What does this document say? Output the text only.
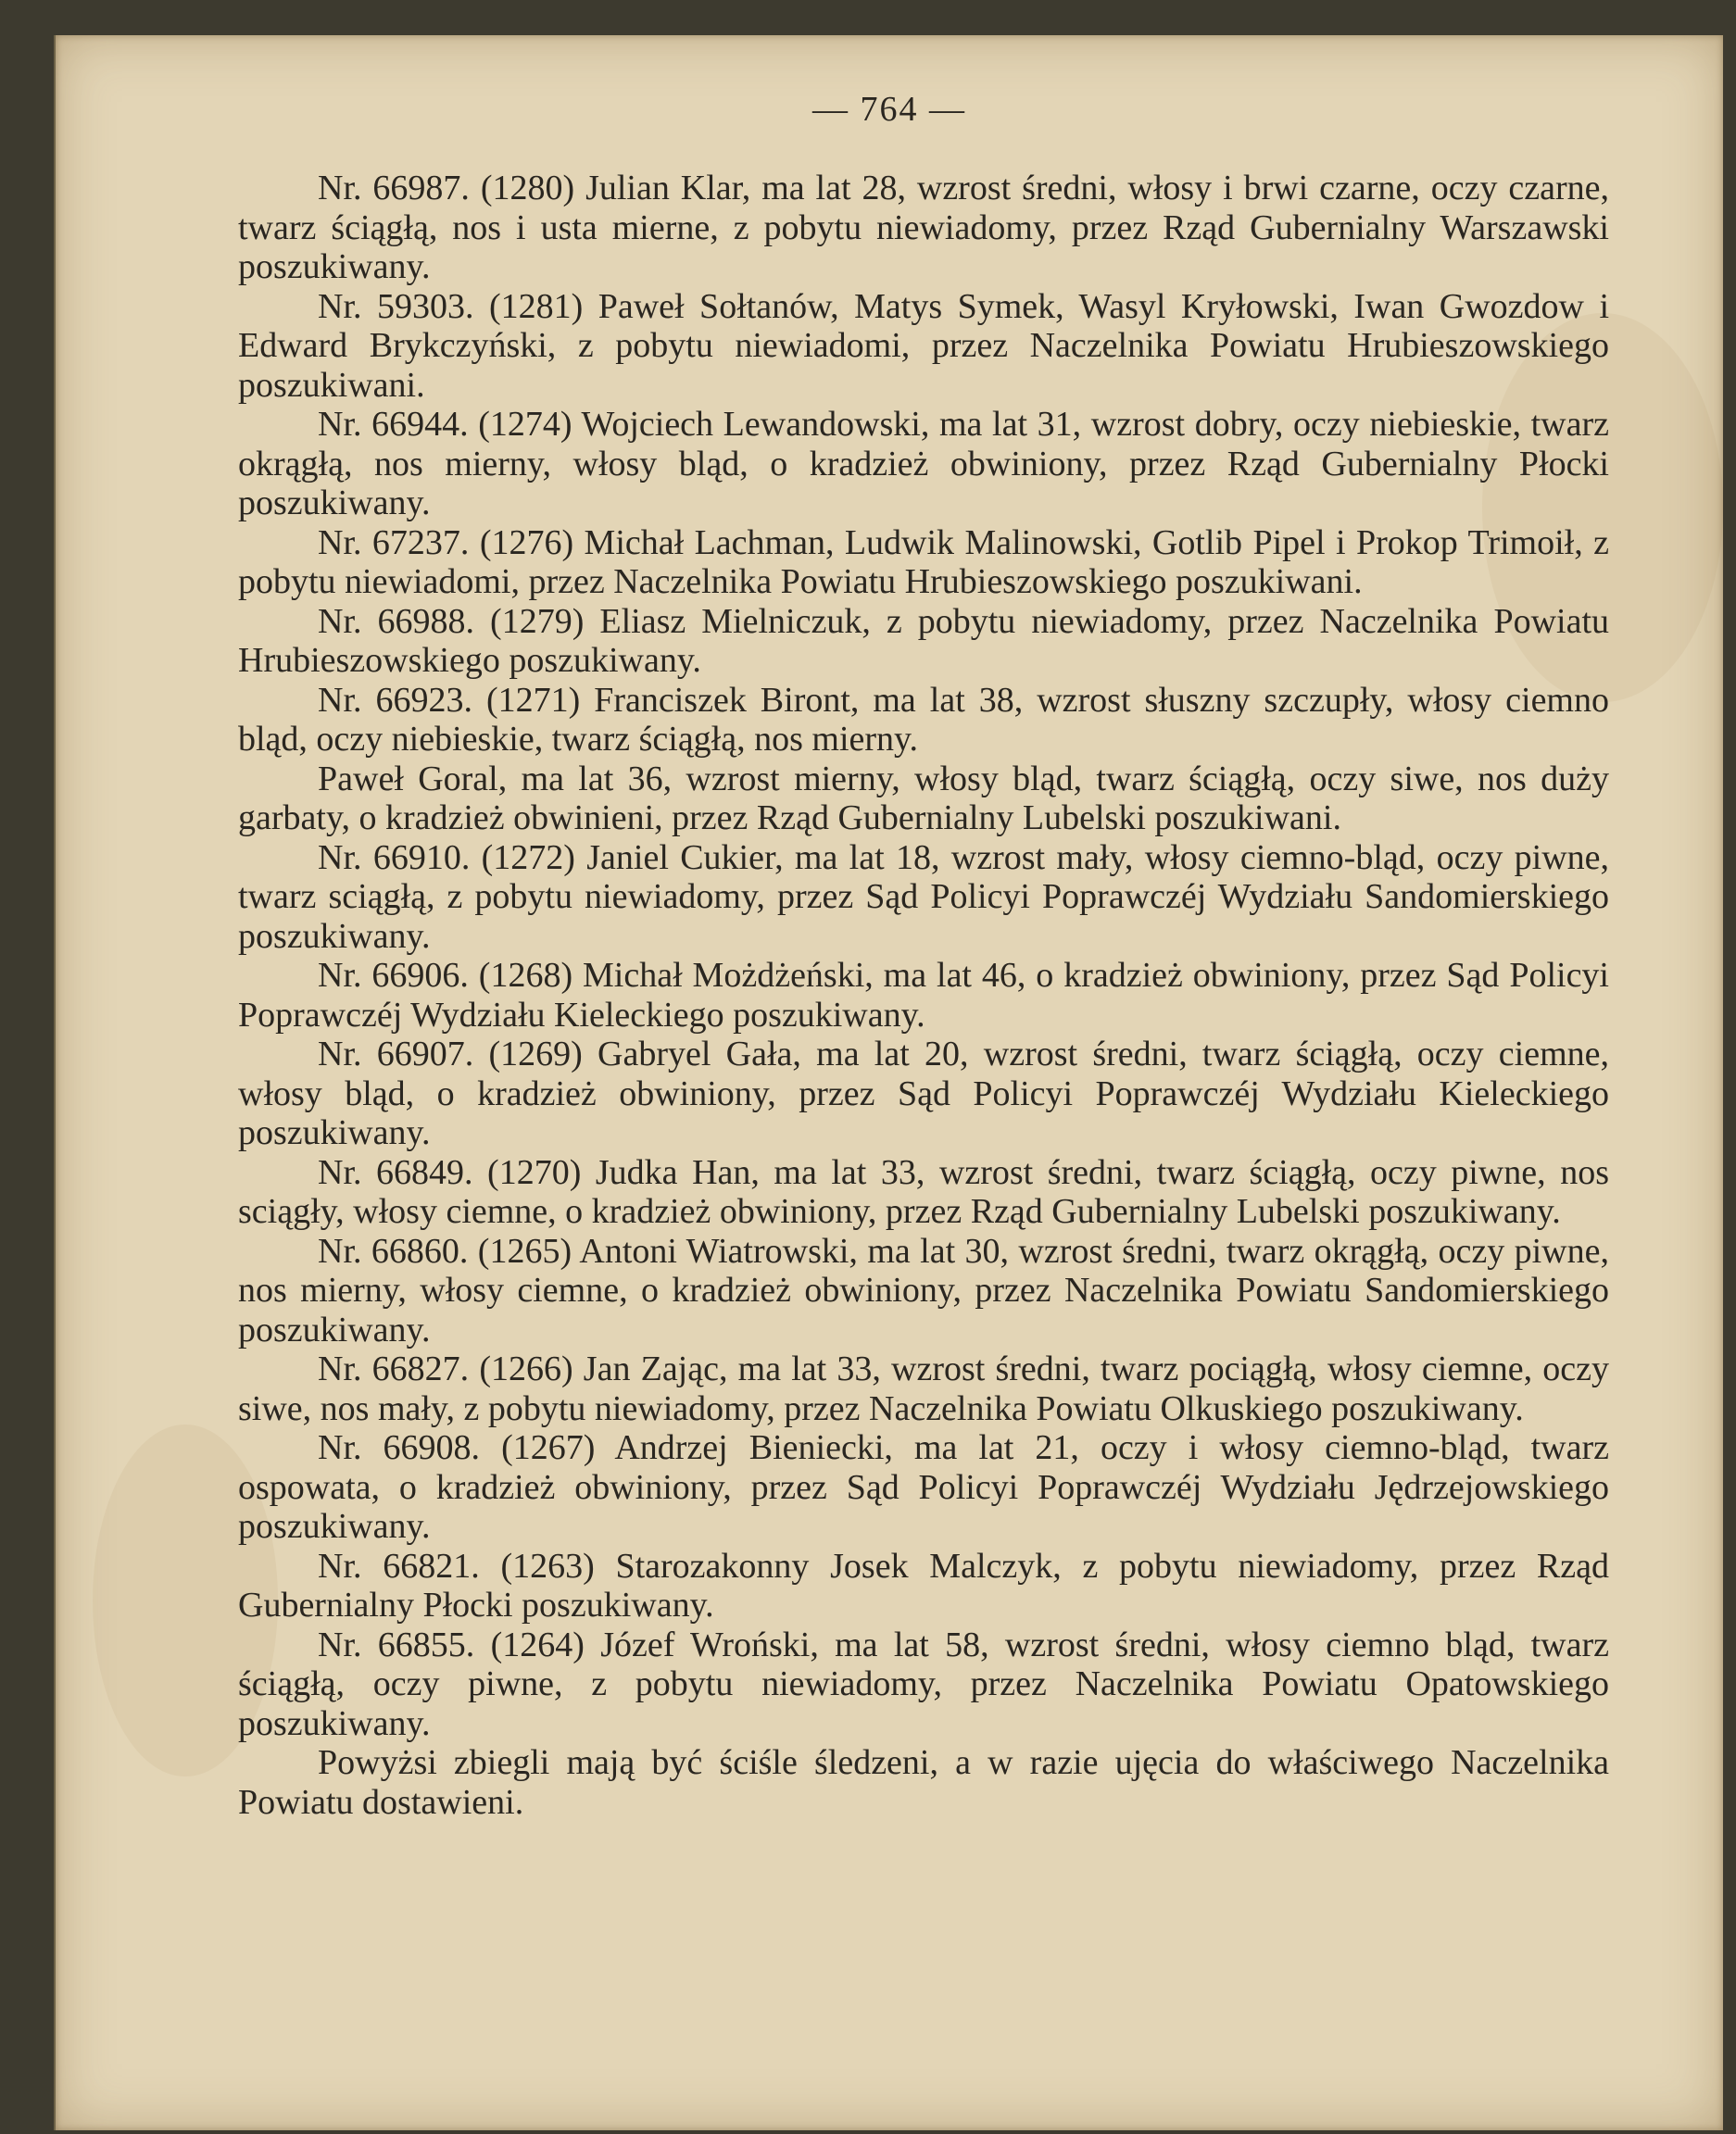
— 764 —

Nr. 66987. (1280) Julian Klar, ma lat 28, wzrost średni, włosy i brwi czarne, oczy czarne, twarz ściągłą, nos i usta mierne, z pobytu niewiadomy, przez Rząd Gubernialny Warszawski poszukiwany.

Nr. 59303. (1281) Paweł Sołtanów, Matys Symek, Wasyl Kryłowski, Iwan Gwozdow i Edward Brykczyński, z pobytu niewiadomi, przez Naczelnika Powiatu Hrubieszowskiego poszukiwani.

Nr. 66944. (1274) Wojciech Lewandowski, ma lat 31, wzrost dobry, oczy niebieskie, twarz okrągłą, nos mierny, włosy bląd, o kradzież obwiniony, przez Rząd Gubernialny Płocki poszukiwany.

Nr. 67237. (1276) Michał Lachman, Ludwik Malinowski, Gotlib Pipel i Prokop Trimoił, z pobytu niewiadomi, przez Naczelnika Powiatu Hrubieszowskiego poszukiwani.

Nr. 66988. (1279) Eliasz Mielniczuk, z pobytu niewiadomy, przez Naczelnika Powiatu Hrubieszowskiego poszukiwany.

Nr. 66923. (1271) Franciszek Biront, ma lat 38, wzrost słuszny szczupły, włosy ciemno bląd, oczy niebieskie, twarz ściągłą, nos mierny.

Paweł Goral, ma lat 36, wzrost mierny, włosy bląd, twarz ściągłą, oczy siwe, nos duży garbaty, o kradzież obwinieni, przez Rząd Gubernialny Lubelski poszukiwani.

Nr. 66910. (1272) Janiel Cukier, ma lat 18, wzrost mały, włosy ciemno-bląd, oczy piwne, twarz sciągłą, z pobytu niewiadomy, przez Sąd Policyi Poprawczéj Wydziału Sandomierskiego poszukiwany.

Nr. 66906. (1268) Michał Możdżeński, ma lat 46, o kradzież obwiniony, przez Sąd Policyi Poprawczéj Wydziału Kieleckiego poszukiwany.

Nr. 66907. (1269) Gabryel Gała, ma lat 20, wzrost średni, twarz ściągłą, oczy ciemne, włosy bląd, o kradzież obwiniony, przez Sąd Policyi Poprawczéj Wydziału Kieleckiego poszukiwany.

Nr. 66849. (1270) Judka Han, ma lat 33, wzrost średni, twarz ściągłą, oczy piwne, nos sciągły, włosy ciemne, o kradzież obwiniony, przez Rząd Gubernialny Lubelski poszukiwany.

Nr. 66860. (1265) Antoni Wiatrowski, ma lat 30, wzrost średni, twarz okrągłą, oczy piwne, nos mierny, włosy ciemne, o kradzież obwiniony, przez Naczelnika Powiatu Sandomierskiego poszukiwany.

Nr. 66827. (1266) Jan Zając, ma lat 33, wzrost średni, twarz pociągłą, włosy ciemne, oczy siwe, nos mały, z pobytu niewiadomy, przez Naczelnika Powiatu Olkuskiego poszukiwany.

Nr. 66908. (1267) Andrzej Bieniecki, ma lat 21, oczy i włosy ciemno-bląd, twarz ospowata, o kradzież obwiniony, przez Sąd Policyi Poprawczéj Wydziału Jędrzejowskiego poszukiwany.

Nr. 66821. (1263) Starozakonny Josek Malczyk, z pobytu niewiadomy, przez Rząd Gubernialny Płocki poszukiwany.

Nr. 66855. (1264) Józef Wroński, ma lat 58, wzrost średni, włosy ciemno bląd, twarz ściągłą, oczy piwne, z pobytu niewiadomy, przez Naczelnika Powiatu Opatowskiego poszukiwany.

Powyżsi zbiegli mają być ściśle śledzeni, a w razie ujęcia do właściwego Naczelnika Powiatu dostawieni.
